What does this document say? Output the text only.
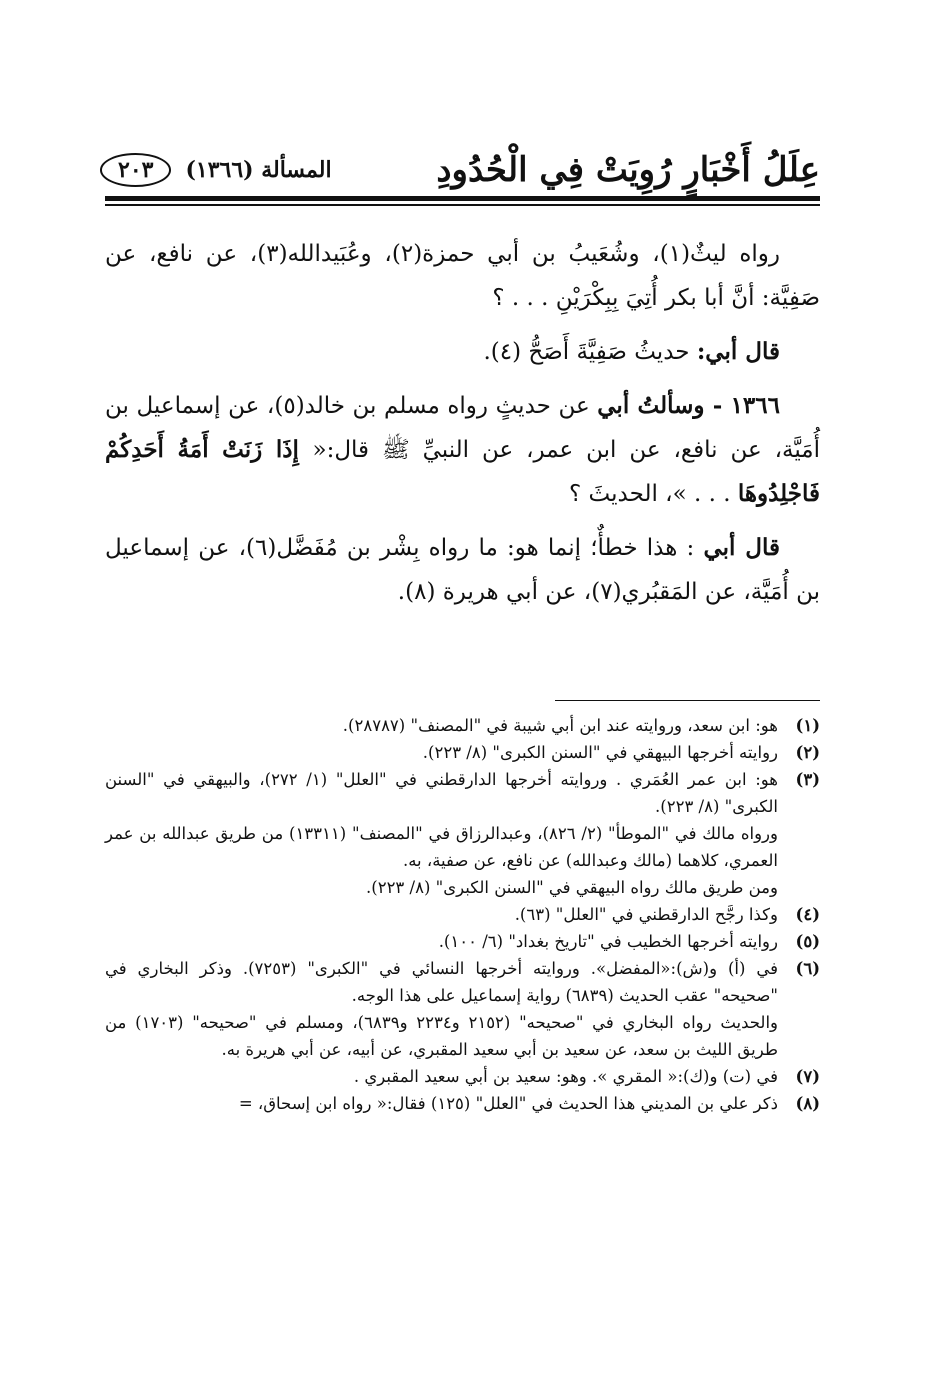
عِلَلُ أَخْبَارٍ رُوِيَتْ فِي الْحُدُودِ
المسألة (١٣٦٦)
٢٠٣

رواه ليثٌ(١)، وشُعَيبُ بن أبي حمزة(٢)، وعُبَيدالله(٣)، عن نافع، عن صَفِيَّة: أنَّ أبا بكر أُتِيَ بِبِكْرَيْنِ . . . ؟

قال أبي: حديثُ صَفِيَّةَ أَصَحُّ (٤).

١٣٦٦ - وسألتُ أبي عن حديثٍ رواه مسلم بن خالد(٥)، عن إسماعيل بن أُمَيَّة، عن نافع، عن ابن عمر، عن النبيِّ ﷺ قال:« إِذَا زَنَتْ أَمَةُ أَحَدِكُمْ فَاجْلِدُوهَا . . . »، الحديثَ ؟

قال أبي : هذا خطأٌ؛ إنما هو: ما رواه بِشْر بن مُفَضَّل(٦)، عن إسماعيل بن أُمَيَّة، عن المَقبُري(٧)، عن أبي هريرة (٨).

(١)
هو: ابن سعد، وروايته عند ابن أبي شيبة في "المصنف" (٢٨٧٨٧).
(٢)
روايته أخرجها البيهقي في "السنن الكبرى" (٨/ ٢٢٣).
(٣)
هو: ابن عمر العُمَري . وروايته أخرجها الدارقطني في "العلل" (١/ ٢٧٢)، والبيهقي في "السنن الكبرى" (٨/ ٢٢٣).
ورواه مالك في "الموطأ" (٢/ ٨٢٦)، وعبدالرزاق في "المصنف" (١٣٣١١) من طريق عبدالله بن عمر العمري، كلاهما (مالك وعبدالله) عن نافع، عن صفية، به.
ومن طريق مالك رواه البيهقي في "السنن الكبرى" (٨/ ٢٢٣).
(٤)
وكذا رجَّح الدارقطني في "العلل" (٦٣).
(٥)
روايته أخرجها الخطيب في "تاريخ بغداد" (٦/ ١٠٠).
(٦)
في (أ) و(ش):«المفضل». وروايته أخرجها النسائي في "الكبرى" (٧٢٥٣). وذكر البخاري في "صحيحه" عقب الحديث (٦٨٣٩) رواية إسماعيل على هذا الوجه.
والحديث رواه البخاري في "صحيحه" (٢١٥٢ و٢٢٣٤ و٦٨٣٩)، ومسلم في "صحيحه" (١٧٠٣) من طريق الليث بن سعد، عن سعيد بن أبي سعيد المقبري، عن أبيه، عن أبي هريرة به.
(٧)
في (ت) و(ك):« المقري ». وهو: سعيد بن أبي سعيد المقبري .
(٨)
ذكر علي بن المديني هذا الحديث في "العلل" (١٢٥) فقال:« رواه ابن إسحاق، =
